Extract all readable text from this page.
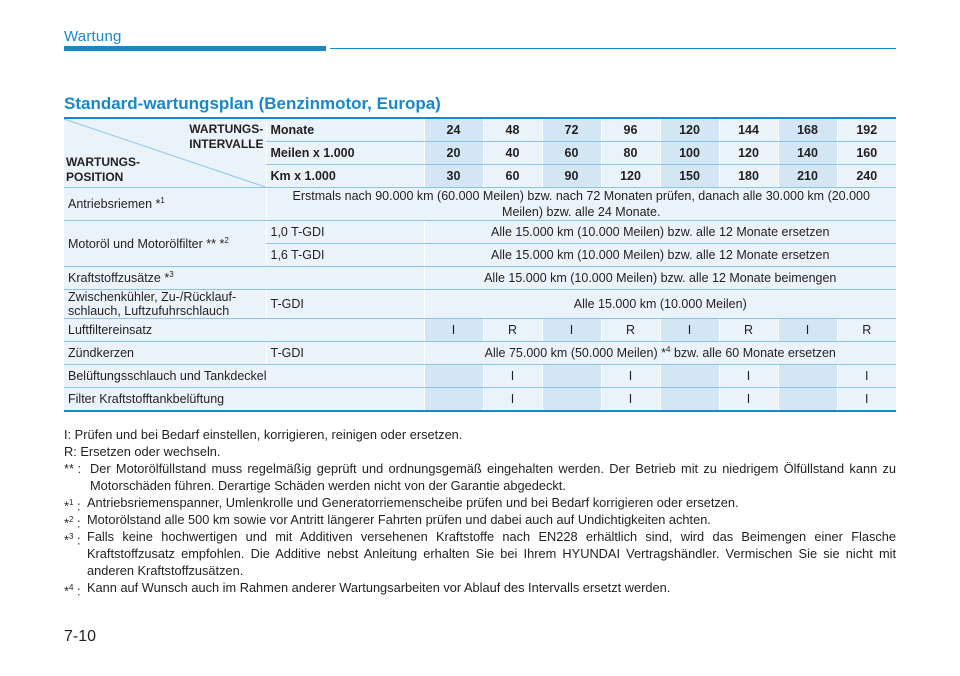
Wartung
Standard-wartungsplan (Benzinmotor, Europa)
WARTUNGS-
INTERVALLE
WARTUNGS-
POSITION	Monate	24	48	72	96	120	144	168	192
	Meilen x 1.000	20	40	60	80	100	120	140	160
	Km x 1.000	30	60	90	120	150	180	210	240
Antriebsriemen *$^1$	Erstmals nach 90.000 km (60.000 Meilen) bzw. nach 72 Monaten prüfen, danach alle 30.000 km (20.000 Meilen) bzw. alle 24 Monate.								
Motoröl und Motorölfilter ** *$^2$	1,0 T-GDI	Alle 15.000 km (10.000 Meilen) bzw. alle 12 Monate ersetzen							
	1,6 T-GDI	Alle 15.000 km (10.000 Meilen) bzw. alle 12 Monate ersetzen							
Kraftstoffzusätze *$^3$		Alle 15.000 km (10.000 Meilen) bzw. alle 12 Monate beimengen							
Zwischenkühler, Zu-/Rücklauf-schlauch, Luftzufuhrschlauch	T-GDI	Alle 15.000 km (10.000 Meilen)							
Luftfiltereinsatz		I	R	I	R	I	R	I	R
Zündkerzen	T-GDI	Alle 75.000 km (50.000 Meilen) *$^4$ bzw. alle 60 Monate ersetzen							
Belüftungsschlauch und Tankdeckel			I		I		I		I
Filter Kraftstofftankbelüftung			I		I		I		I
I: Prüfen und bei Bedarf einstellen, korrigieren, reinigen oder ersetzen.
R: Ersetzen oder wechseln.
** : Der Motorölfüllstand muss regelmäßig geprüft und ordnungsgemäß eingehalten werden. Der Betrieb mit zu niedrigem Ölfüllstand kann zu Motorschäden führen. Derartige Schäden werden nicht von der Garantie abgedeckt.
*$^1$ : Antriebsriemenspanner, Umlenkrolle und Generatorriemenscheibe prüfen und bei Bedarf korrigieren oder ersetzen.
*$^2$ : Motorölstand alle 500 km sowie vor Antritt längerer Fahrten prüfen und dabei auch auf Undichtigkeiten achten.
*$^3$ : Falls keine hochwertigen und mit Additiven versehenen Kraftstoffe nach EN228 erhältlich sind, wird das Beimengen einer Flasche Kraftstoffzusatz empfohlen. Die Additive nebst Anleitung erhalten Sie bei Ihrem HYUNDAI Vertragshändler. Vermischen Sie sie nicht mit anderen Kraftstoffzusätzen.
*$^4$ : Kann auf Wunsch auch im Rahmen anderer Wartungsarbeiten vor Ablauf des Intervalls ersetzt werden.
7-10
